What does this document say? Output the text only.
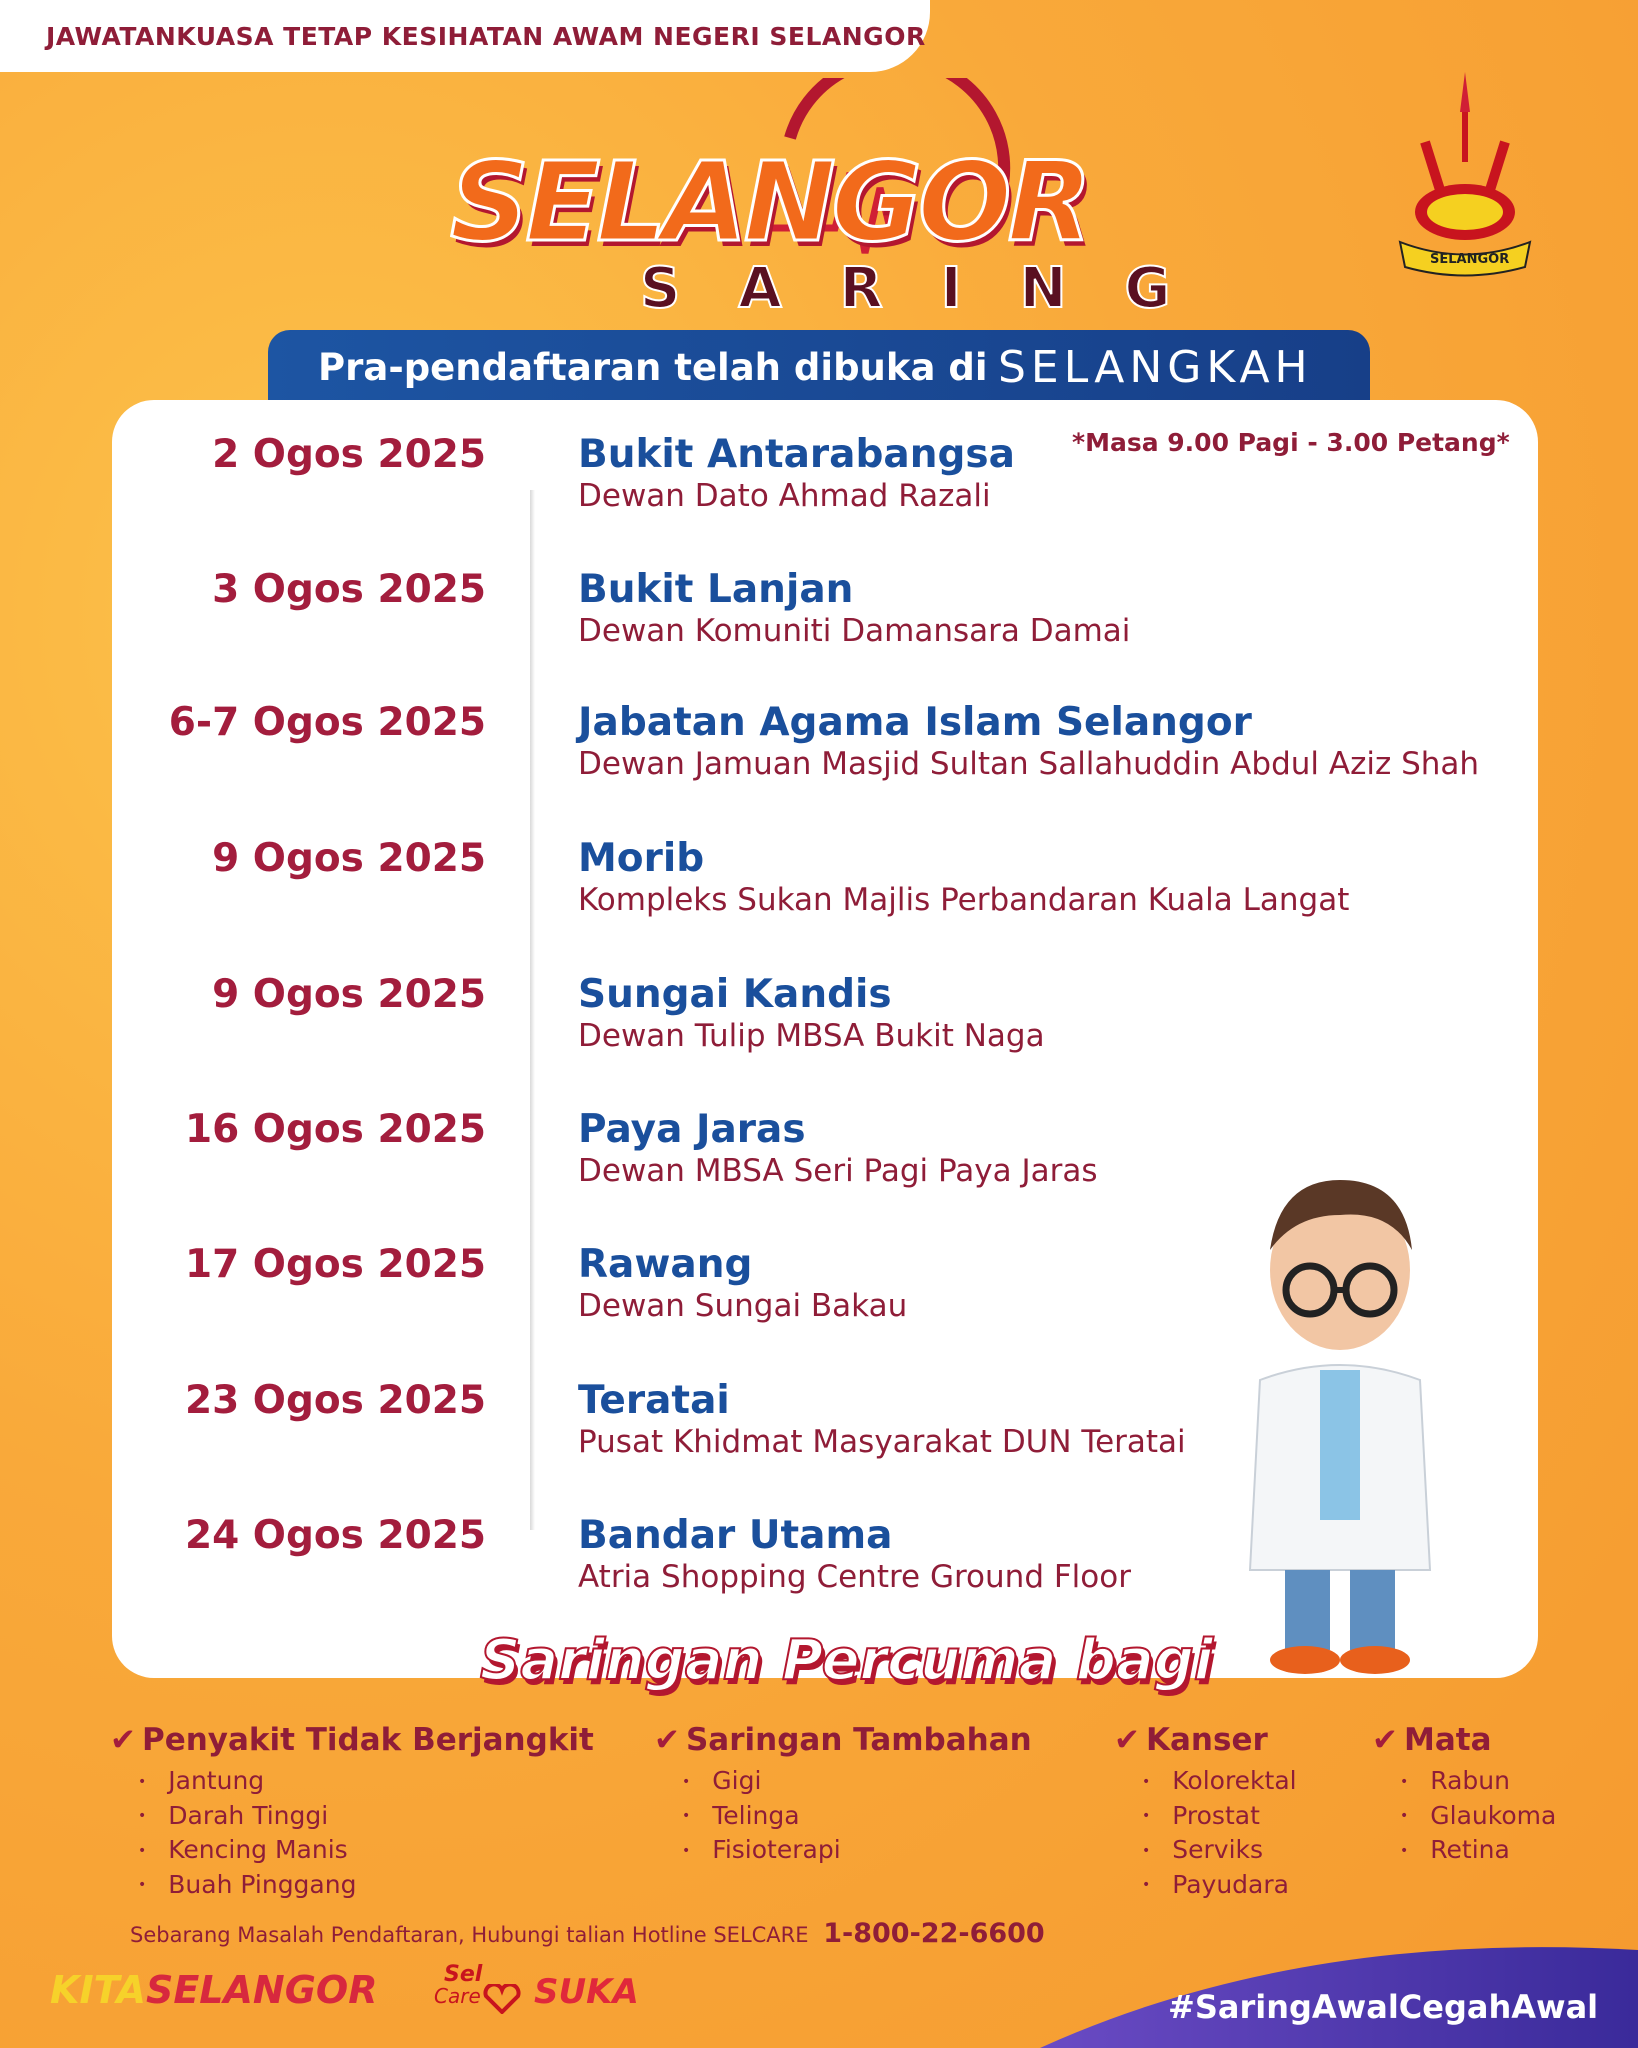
JAWATANKUASA TETAP KESIHATAN AWAM NEGERI SELANGOR
SELANGOR
SARING	SELANGOR
Pra-pendaftaran telah dibuka di SELANGKAH
*Masa 9.00 Pagi - 3.00 Petang*
2 Ogos 2025 Bukit Antarabangsa
Dewan Dato Ahmad Razali
3 Ogos 2025 Bukit Lanjan
Dewan Komuniti Damansara Damai
6-7 Ogos 2025 Jabatan Agama Islam Selangor
Dewan Jamuan Masjid Sultan Sallahuddin Abdul Aziz Shah
9 Ogos 2025 Morib
Kompleks Sukan Majlis Perbandaran Kuala Langat
9 Ogos 2025 Sungai Kandis
Dewan Tulip MBSA Bukit Naga
16 Ogos 2025 Paya Jaras
Dewan MBSA Seri Pagi Paya Jaras
17 Ogos 2025 Rawang
Dewan Sungai Bakau
23 Ogos 2025 Teratai
Pusat Khidmat Masyarakat DUN Teratai
24 Ogos 2025 Bandar Utama
Atria Shopping Centre Ground Floor
Saringan Percuma bagi
✔ Penyakit Tidak Berjangkit
• Jantung
• Darah Tinggi
• Kencing Manis
• Buah Pinggang
✔ Saringan Tambahan
• Gigi
• Telinga
• Fisioterapi
✔ Kanser
• Kolorektal
• Prostat
• Serviks
• Payudara
✔ Mata
• Rabun
• Glaukoma
• Retina
Sebarang Masalah Pendaftaran, Hubungi talian Hotline SELCARE 1-800-22-6600
KITASELANGOR	Sel
Care SUKA	#SaringAwalCegahAwal
